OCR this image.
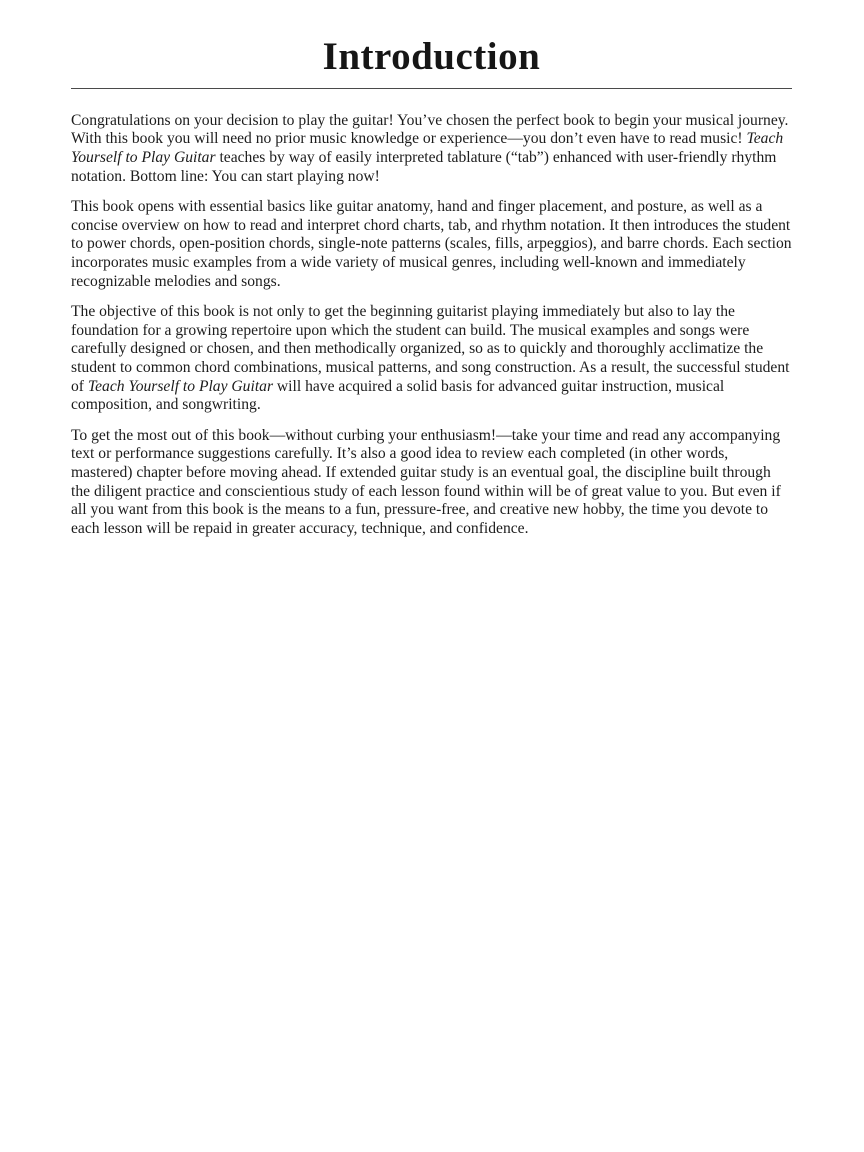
Introduction

Congratulations on your decision to play the guitar! You’ve chosen the perfect book to begin your musical journey. With this book you will need no prior music knowledge or experience—you don’t even have to read music! Teach Yourself to Play Guitar teaches by way of easily interpreted tablature (“tab”) enhanced with user-friendly rhythm notation. Bottom line: You can start playing now!

This book opens with essential basics like guitar anatomy, hand and finger placement, and posture, as well as a concise overview on how to read and interpret chord charts, tab, and rhythm notation. It then introduces the student to power chords, open-position chords, single-note patterns (scales, fills, arpeggios), and barre chords. Each section incorporates music examples from a wide variety of musical genres, including well-known and immediately recognizable melodies and songs.

The objective of this book is not only to get the beginning guitarist playing immediately but also to lay the foundation for a growing repertoire upon which the student can build. The musical examples and songs were carefully designed or chosen, and then methodically organized, so as to quickly and thoroughly acclimatize the student to common chord combinations, musical patterns, and song construction. As a result, the successful student of Teach Yourself to Play Guitar will have acquired a solid basis for advanced guitar instruction, musical composition, and songwriting.

To get the most out of this book—without curbing your enthusiasm!—take your time and read any accompanying text or performance suggestions carefully. It’s also a good idea to review each completed (in other words, mastered) chapter before moving ahead. If extended guitar study is an eventual goal, the discipline built through the diligent practice and conscientious study of each lesson found within will be of great value to you. But even if all you want from this book is the means to a fun, pressure-free, and creative new hobby, the time you devote to each lesson will be repaid in greater accuracy, technique, and confidence.
